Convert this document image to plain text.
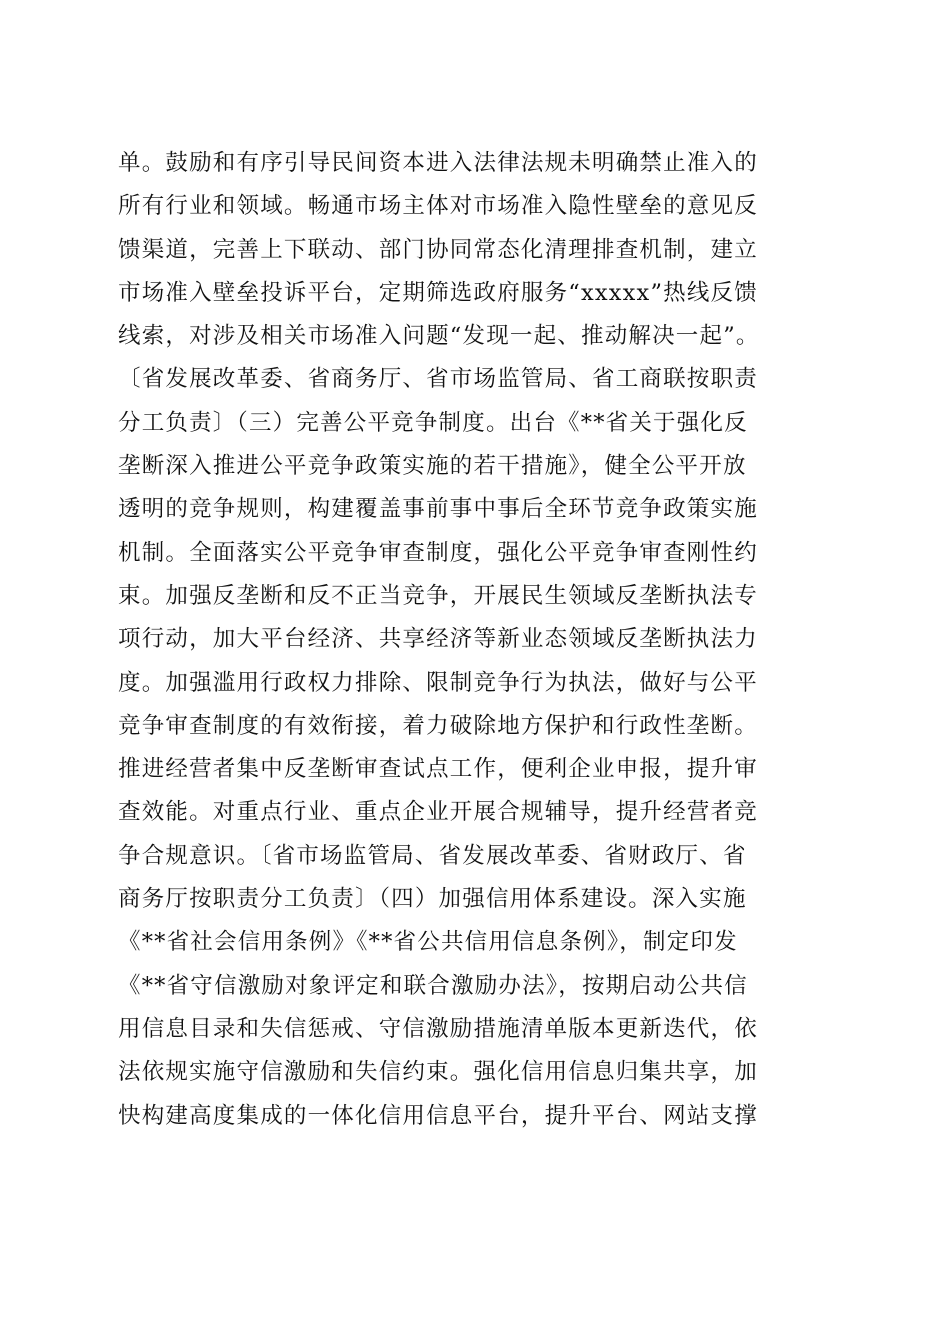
单。鼓励和有序引导民间资本进入法律法规未明确禁止准入的
所有行业和领域。畅通市场主体对市场准入隐性壁垒的意见反
馈渠道，完善上下联动、部门协同常态化清理排查机制，建立
市场准入壁垒投诉平台，定期筛选政府服务“xxxxx”热线反馈
线索，对涉及相关市场准入问题“发现一起、推动解决一起”。
〔省发展改革委、省商务厅、省市场监管局、省工商联按职责
分工负责〕（三）完善公平竞争制度。出台《**省关于强化反
垄断深入推进公平竞争政策实施的若干措施》，健全公平开放
透明的竞争规则，构建覆盖事前事中事后全环节竞争政策实施
机制。全面落实公平竞争审查制度，强化公平竞争审查刚性约
束。加强反垄断和反不正当竞争，开展民生领域反垄断执法专
项行动，加大平台经济、共享经济等新业态领域反垄断执法力
度。加强滥用行政权力排除、限制竞争行为执法，做好与公平
竞争审查制度的有效衔接，着力破除地方保护和行政性垄断。
推进经营者集中反垄断审查试点工作，便利企业申报，提升审
查效能。对重点行业、重点企业开展合规辅导，提升经营者竞
争合规意识。〔省市场监管局、省发展改革委、省财政厅、省
商务厅按职责分工负责〕（四）加强信用体系建设。深入实施
《**省社会信用条例》《**省公共信用信息条例》，制定印发
《**省守信激励对象评定和联合激励办法》，按期启动公共信
用信息目录和失信惩戒、守信激励措施清单版本更新迭代，依
法依规实施守信激励和失信约束。强化信用信息归集共享，加
快构建高度集成的一体化信用信息平台，提升平台、网站支撑
